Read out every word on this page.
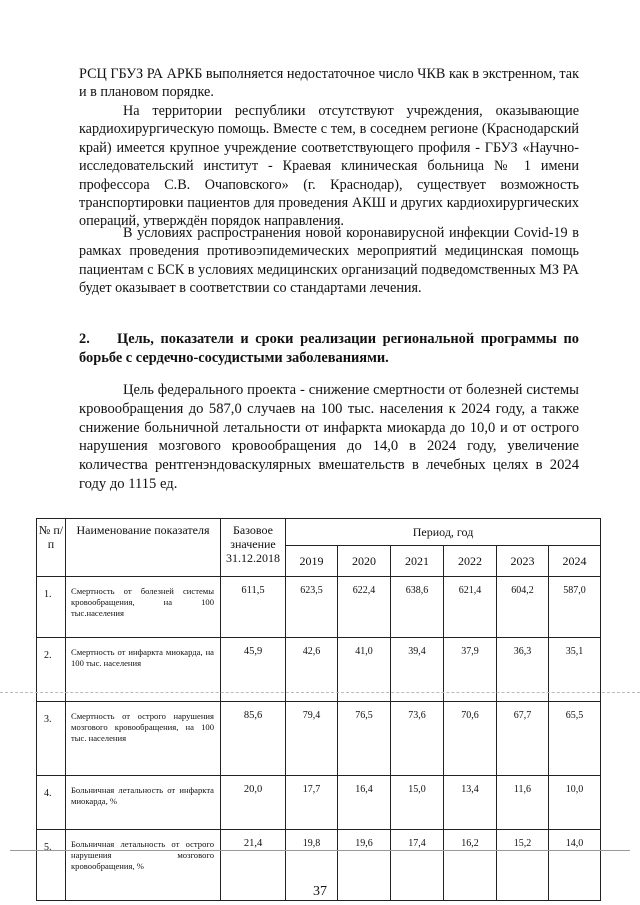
РСЦ ГБУЗ РА АРКБ выполняется недостаточное число ЧКВ как в экстренном, так и в плановом порядке.

На территории республики отсутствуют учреждения, оказывающие кардиохирургическую помощь. Вместе с тем, в соседнем регионе (Краснодарский край) имеется крупное учреждение соответствующего профиля - ГБУЗ «Научно-исследовательский институт - Краевая клиническая больница № 1 имени профессора С.В. Очаповского» (г. Краснодар), существует возможность транспортировки пациентов для проведения АКШ и других кардиохирургических операций, утверждён порядок направления.

В условиях распространения новой коронавирусной инфекции Covid-19 в рамках проведения противоэпидемических мероприятий медицинская помощь пациентам с БСК в условиях медицинских организаций подведомственных МЗ РА будет оказывает в соответствии со стандартами лечения.

2. Цель, показатели и сроки реализации региональной программы по борьбе с сердечно-сосудистыми заболеваниями.

Цель федерального проекта - снижение смертности от болезней системы кровообращения до 587,0 случаев на 100 тыс. населения к 2024 году, а также снижение больничной летальности от инфаркта миокарда до 10,0 и от острого нарушения мозгового кровообращения до 14,0 в 2024 году, увеличение количества рентгенэндоваскулярных вмешательств в лечебных целях в 2024 году до 1115 ед.

№ п/п	Наименование показателя	Базовое значение 31.12.2018	Период, год					
			2019	2020	2021	2022	2023	2024
1.	Смертность от болезней системы кровообращения, на 100 тыс.населения	611,5	623,5	622,4	638,6	621,4	604,2	587,0
2.	Смертность от инфаркта миокарда, на 100 тыс. населения	45,9	42,6	41,0	39,4	37,9	36,3	35,1
3.	Смертность от острого нарушения мозгового кровообращения, на 100 тыс. населения	85,6	79,4	76,5	73,6	70,6	67,7	65,5
4.	Больничная летальность от инфаркта миокарда, %	20,0	17,7	16,4	15,0	13,4	11,6	10,0
5.	Больничная летальность от острого нарушения мозгового кровообращения, %	21,4	19,8	19,6	17,4	16,2	15,2	14,0
37
